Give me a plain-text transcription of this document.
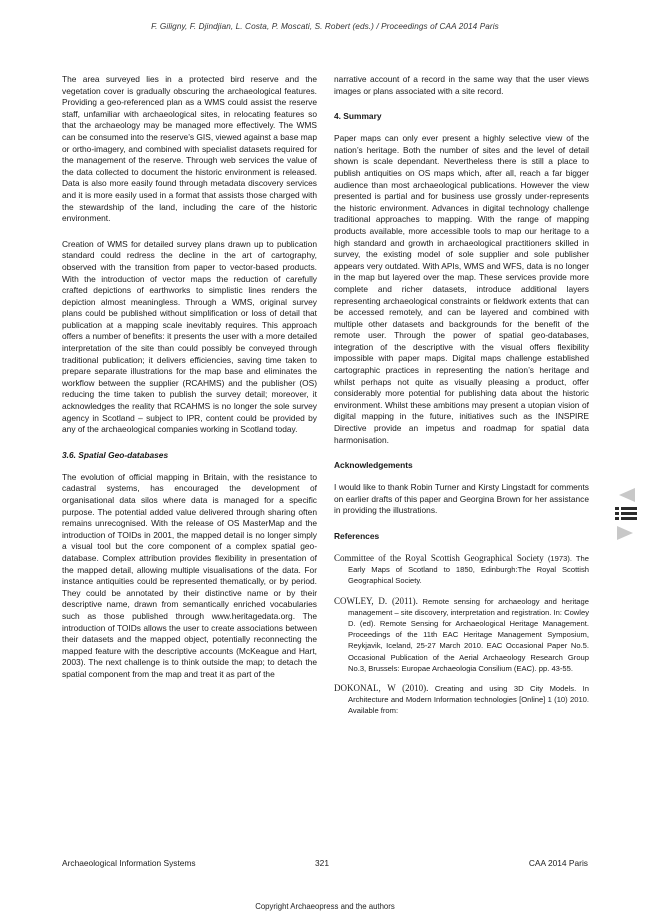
F. Giligny, F. Djindjian, L. Costa, P. Moscati, S. Robert (eds.) / Proceedings of CAA 2014 Paris

The area surveyed lies in a protected bird reserve and the vegetation cover is gradually obscuring the archaeological features. Providing a geo-referenced plan as a WMS could assist the reserve staff, unfamiliar with archaeological sites, in relocating features so that the archaeology may be managed more effectively. The WMS can be consumed into the reserve’s GIS, viewed against a base map or ortho-imagery, and combined with specialist datasets required for the management of the reserve. Through web services the value of the data collected to document the historic environment is released. Data is also more easily found through metadata discovery services and it is more easily used in a format that assists those charged with the stewardship of the land, including the care of the historic environment.

Creation of WMS for detailed survey plans drawn up to publication standard could redress the decline in the art of cartography, observed with the transition from paper to vector-based products. With the introduction of vector maps the reduction of carefully crafted depictions of earthworks to simplistic lines renders the depiction almost meaningless. Through a WMS, original survey plans could be published without simplification or loss of detail that publication at a mapping scale inevitably requires. This approach offers a number of benefits: it presents the user with a more detailed interpretation of the site than could possibly be conveyed through traditional publication; it delivers efficiencies, saving time taken to prepare separate illustrations for the map base and eliminates the workflow between the supplier (RCAHMS) and the publisher (OS) reducing the time taken to publish the survey detail; moreover, it acknowledges the reality that RCAHMS is no longer the sole survey agency in Scotland – subject to IPR, content could be provided by any of the archaeological companies working in Scotland today.

3.6. Spatial Geo-databases

The evolution of official mapping in Britain, with the resistance to cadastral systems, has encouraged the development of organisational data silos where data is managed for a specific purpose. The potential added value delivered through sharing often remains unrecognised. With the release of OS MasterMap and the introduction of TOIDs in 2001, the mapped detail is no longer simply a visual tool but the core component of a complex spatial geo-database. Complex attribution provides flexibility in presentation of the mapped detail, allowing multiple visualisations of the data. For instance antiquities could be represented thematically, or by period. They could be annotated by their distinctive name or by their descriptive name, drawn from semantically enriched vocabularies such as those published through www.heritagedata.org. The introduction of TOIDs allows the user to create associations between their datasets and the mapped object, potentially reconnecting the mapped feature with the descriptive accounts (McKeague and Hart, 2003). The next challenge is to think outside the map; to detach the spatial component from the map and treat it as part of the

narrative account of a record in the same way that the user views images or plans associated with a site record.

4. Summary

Paper maps can only ever present a highly selective view of the nation’s heritage. Both the number of sites and the level of detail shown is scale dependant. Nevertheless there is still a place to publish antiquities on OS maps which, after all, reach a far bigger audience than most archaeological publications. However the view presented is partial and for business use grossly under-represents the historic environment. Advances in digital technology challenge traditional approaches to mapping. With the range of mapping products available, more accessible tools to map our heritage to a high standard and growth in archaeological practitioners skilled in survey, the existing model of sole supplier and sole publisher appears very outdated. With APIs, WMS and WFS, data is no longer in the map but layered over the map. These services provide more complete and richer datasets, introduce additional layers representing archaeological constraints or fieldwork extents that can be accessed remotely, and can be layered and combined with multiple other datasets and backgrounds for the benefit of the remote user. Through the power of spatial geo-databases, integration of the descriptive with the visual offers flexibility impossible with paper maps. Digital maps challenge established cartographic practices in representing the nation’s heritage and whilst perhaps not quite as visually pleasing a product, offer considerably more potential for publishing data about the historic environment. Whilst these ambitions may present a utopian vision of digital mapping in the future, initiatives such as the INSPIRE Directive provide an impetus and roadmap for spatial data harmonisation.

Acknowledgements

I would like to thank Robin Turner and Kirsty Lingstadt for comments on earlier drafts of this paper and Georgina Brown for her assistance in providing the illustrations.

References
Committee of the Royal Scottish Geographical Society (1973). The Early Maps of Scotland to 1850, Edinburgh:The Royal Scottish Geographical Society.
COWLEY, D. (2011). Remote sensing for archaeology and heritage management – site discovery, interpretation and registration. In: Cowley D. (ed). Remote Sensing for Archaeological Heritage Management. Proceedings of the 11th EAC Heritage Management Symposium, Reykjavik, Iceland, 25-27 March 2010. EAC Occasional Paper No.5. Occasional Publication of the Aerial Archaeology Research Group No.3, Brussels: Europae Archaeologia Consilium (EAC). pp. 43-55.
DOKONAL, W (2010). Creating and using 3D City Models. In Architecture and Modern Information technologies [Online] 1 (10) 2010. Available from:
Archaeological Information Systems	321	CAA 2014 Paris
Copyright Archaeopress and the authors
